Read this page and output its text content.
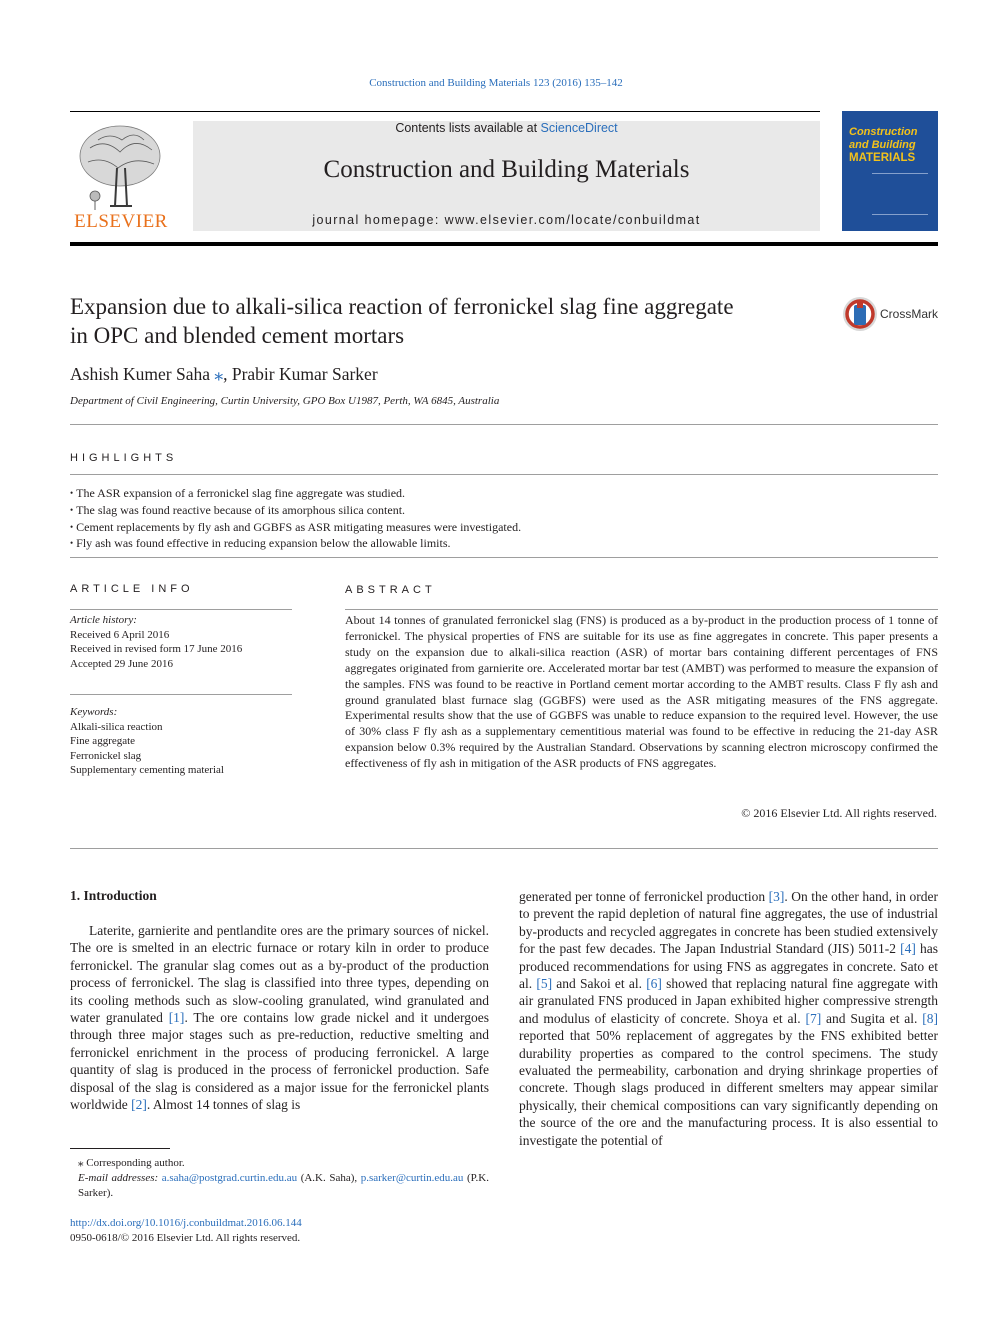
Construction and Building Materials 123 (2016) 135–142
ELSEVIER
Contents lists available at ScienceDirect
Construction and Building Materials
journal homepage: www.elsevier.com/locate/conbuildmat
Construction
and Building
MATERIALS
Expansion due to alkali-silica reaction of ferronickel slag fine aggregate
in OPC and blended cement mortars
CrossMark
Ashish Kumer Saha ⁎, Prabir Kumar Sarker
Department of Civil Engineering, Curtin University, GPO Box U1987, Perth, WA 6845, Australia
HIGHLIGHTS
• The ASR expansion of a ferronickel slag fine aggregate was studied.
• The slag was found reactive because of its amorphous silica content.
• Cement replacements by fly ash and GGBFS as ASR mitigating measures were investigated.
• Fly ash was found effective in reducing expansion below the allowable limits.
ARTICLE INFO
Article history:
Received 6 April 2016
Received in revised form 17 June 2016
Accepted 29 June 2016
Keywords:
Alkali-silica reaction
Fine aggregate
Ferronickel slag
Supplementary cementing material
ABSTRACT
About 14 tonnes of granulated ferronickel slag (FNS) is produced as a by-product in the production process of 1 tonne of ferronickel. The physical properties of FNS are suitable for its use as fine aggregates in concrete. This paper presents a study on the expansion due to alkali-silica reaction (ASR) of mortar bars containing different percentages of FNS aggregates originated from garnierite ore. Accelerated mortar bar test (AMBT) was performed to measure the expansion of the samples. FNS was found to be reactive in Portland cement mortar according to the AMBT results. Class F fly ash and ground granulated blast furnace slag (GGBFS) were used as the ASR mitigating measures of the FNS aggregate. Experimental results show that the use of GGBFS was unable to reduce expansion to the required level. However, the use of 30% class F fly ash as a supplementary cementitious material was found to be effective in reducing the 21-day ASR expansion below 0.3% required by the Australian Standard. Observations by scanning electron microscopy confirmed the effectiveness of fly ash in mitigation of the ASR products of FNS aggregates.
© 2016 Elsevier Ltd. All rights reserved.
1. Introduction
Laterite, garnierite and pentlandite ores are the primary sources of nickel. The ore is smelted in an electric furnace or rotary kiln in order to produce ferronickel. The granular slag comes out as a by-product of the production process of ferronickel. The slag is classified into three types, depending on its cooling methods such as slow-cooling granulated, wind granulated and water granulated [1]. The ore contains low grade nickel and it undergoes through three major stages such as pre-reduction, reductive smelting and ferronickel enrichment in the process of producing ferronickel. A large quantity of slag is produced in the process of ferronickel production. Safe disposal of the slag is considered as a major issue for the ferronickel plants worldwide [2]. Almost 14 tonnes of slag is
generated per tonne of ferronickel production [3]. On the other hand, in order to prevent the rapid depletion of natural fine aggregates, the use of industrial by-products and recycled aggregates in concrete has been studied extensively for the past few decades. The Japan Industrial Standard (JIS) 5011-2 [4] has produced recommendations for using FNS as aggregates in concrete. Sato et al. [5] and Sakoi et al. [6] showed that replacing natural fine aggregate with air granulated FNS produced in Japan exhibited higher compressive strength and modulus of elasticity of concrete. Shoya et al. [7] and Sugita et al. [8] reported that 50% replacement of aggregates by the FNS exhibited better durability properties as compared to the control specimens. The study evaluated the permeability, carbonation and drying shrinkage properties of concrete. Though slags produced in different smelters may appear similar physically, their chemical compositions can vary significantly depending on the source of the ore and the manufacturing process. It is also essential to investigate the potential of
⁎ Corresponding author.
E-mail addresses: a.saha@postgrad.curtin.edu.au (A.K. Saha), p.sarker@curtin.edu.au (P.K. Sarker).
http://dx.doi.org/10.1016/j.conbuildmat.2016.06.144
0950-0618/© 2016 Elsevier Ltd. All rights reserved.
